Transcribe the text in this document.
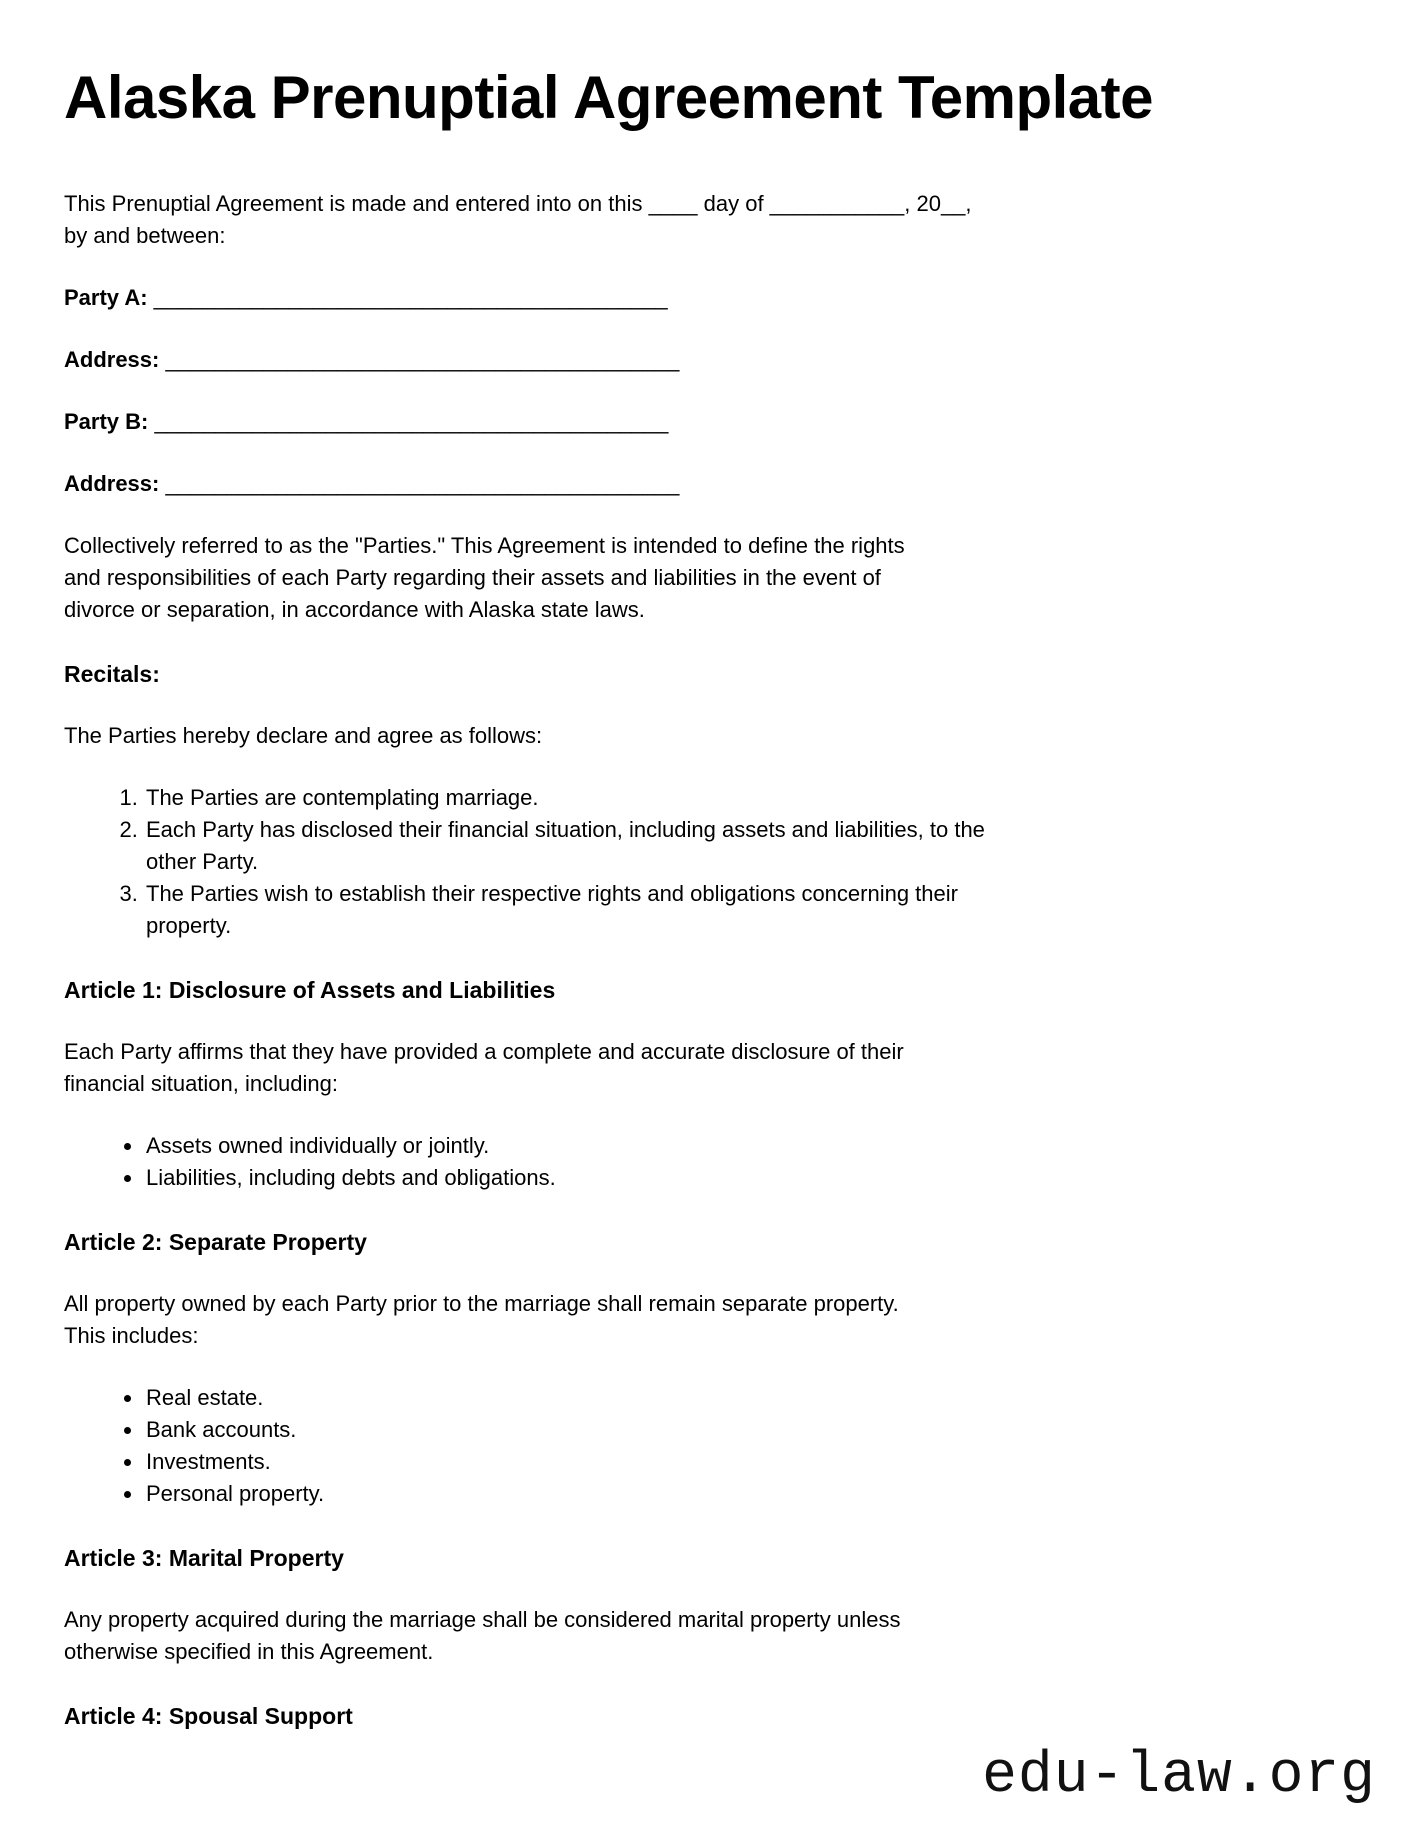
Alaska Prenuptial Agreement Template

This Prenuptial Agreement is made and entered into on this ____ day of ___________, 20__,
by and between:

Party A: __________________________________________
Address: __________________________________________
Party B: __________________________________________
Address: __________________________________________

Collectively referred to as the "Parties." This Agreement is intended to define the rights
and responsibilities of each Party regarding their assets and liabilities in the event of
divorce or separation, in accordance with Alaska state laws.

Recitals:

The Parties hereby declare and agree as follows:

1. The Parties are contemplating marriage.
2. Each Party has disclosed their financial situation, including assets and liabilities, to the
other Party.
3. The Parties wish to establish their respective rights and obligations concerning their
property.
Article 1: Disclosure of Assets and Liabilities

Each Party affirms that they have provided a complete and accurate disclosure of their
financial situation, including:

• Assets owned individually or jointly.
• Liabilities, including debts and obligations.
Article 2: Separate Property

All property owned by each Party prior to the marriage shall remain separate property.
This includes:

• Real estate.
• Bank accounts.
• Investments.
• Personal property.
Article 3: Marital Property

Any property acquired during the marriage shall be considered marital property unless
otherwise specified in this Agreement.

Article 4: Spousal Support
edu-law.org
